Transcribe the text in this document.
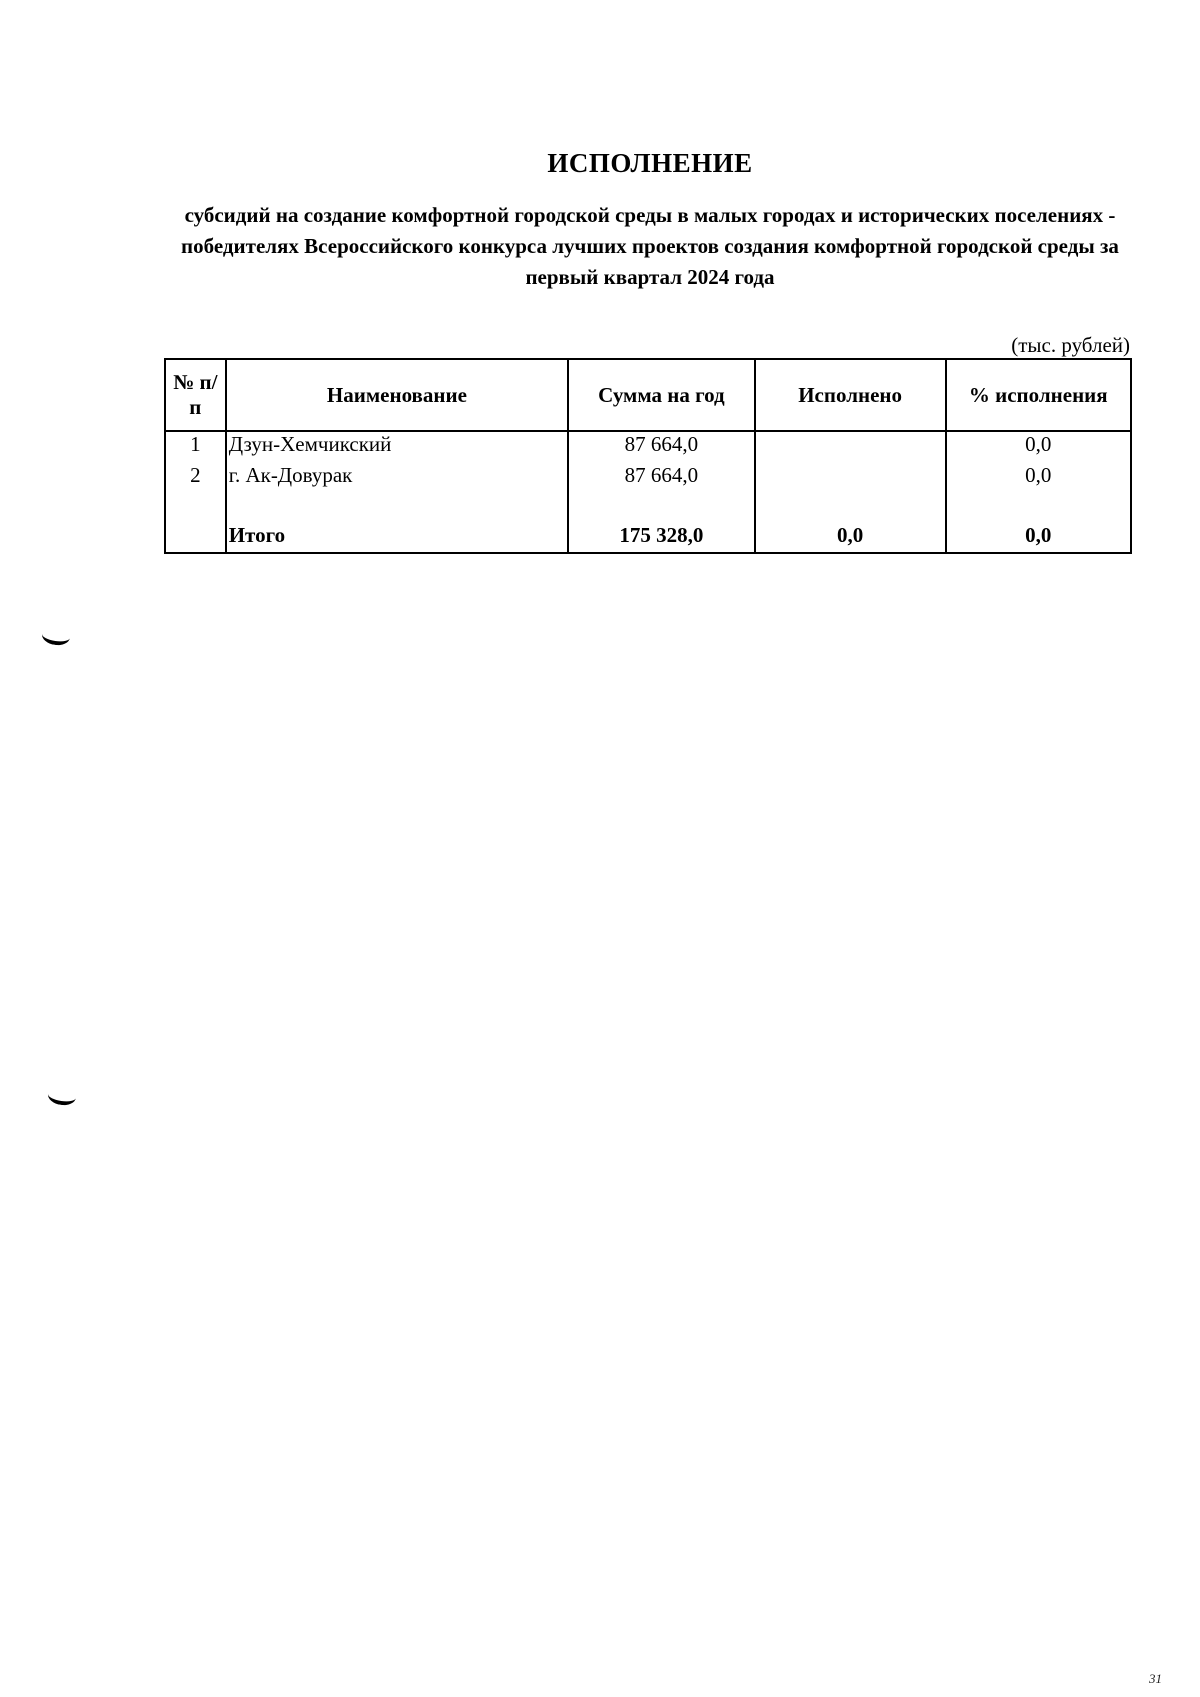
ИСПОЛНЕНИЕ
субсидий на создание комфортной городской среды в малых городах и исторических поселениях - победителях Всероссийского конкурса лучших проектов создания комфортной городской среды за первый квартал 2024 года
(тыс. рублей)
№ п/п	Наименование	Сумма на год	Исполнено	% исполнения
1	Дзун-Хемчикский	87 664,0		0,0
2	г. Ак-Довурак	87 664,0		0,0

	Итого	175 328,0	0,0	0,0
31
